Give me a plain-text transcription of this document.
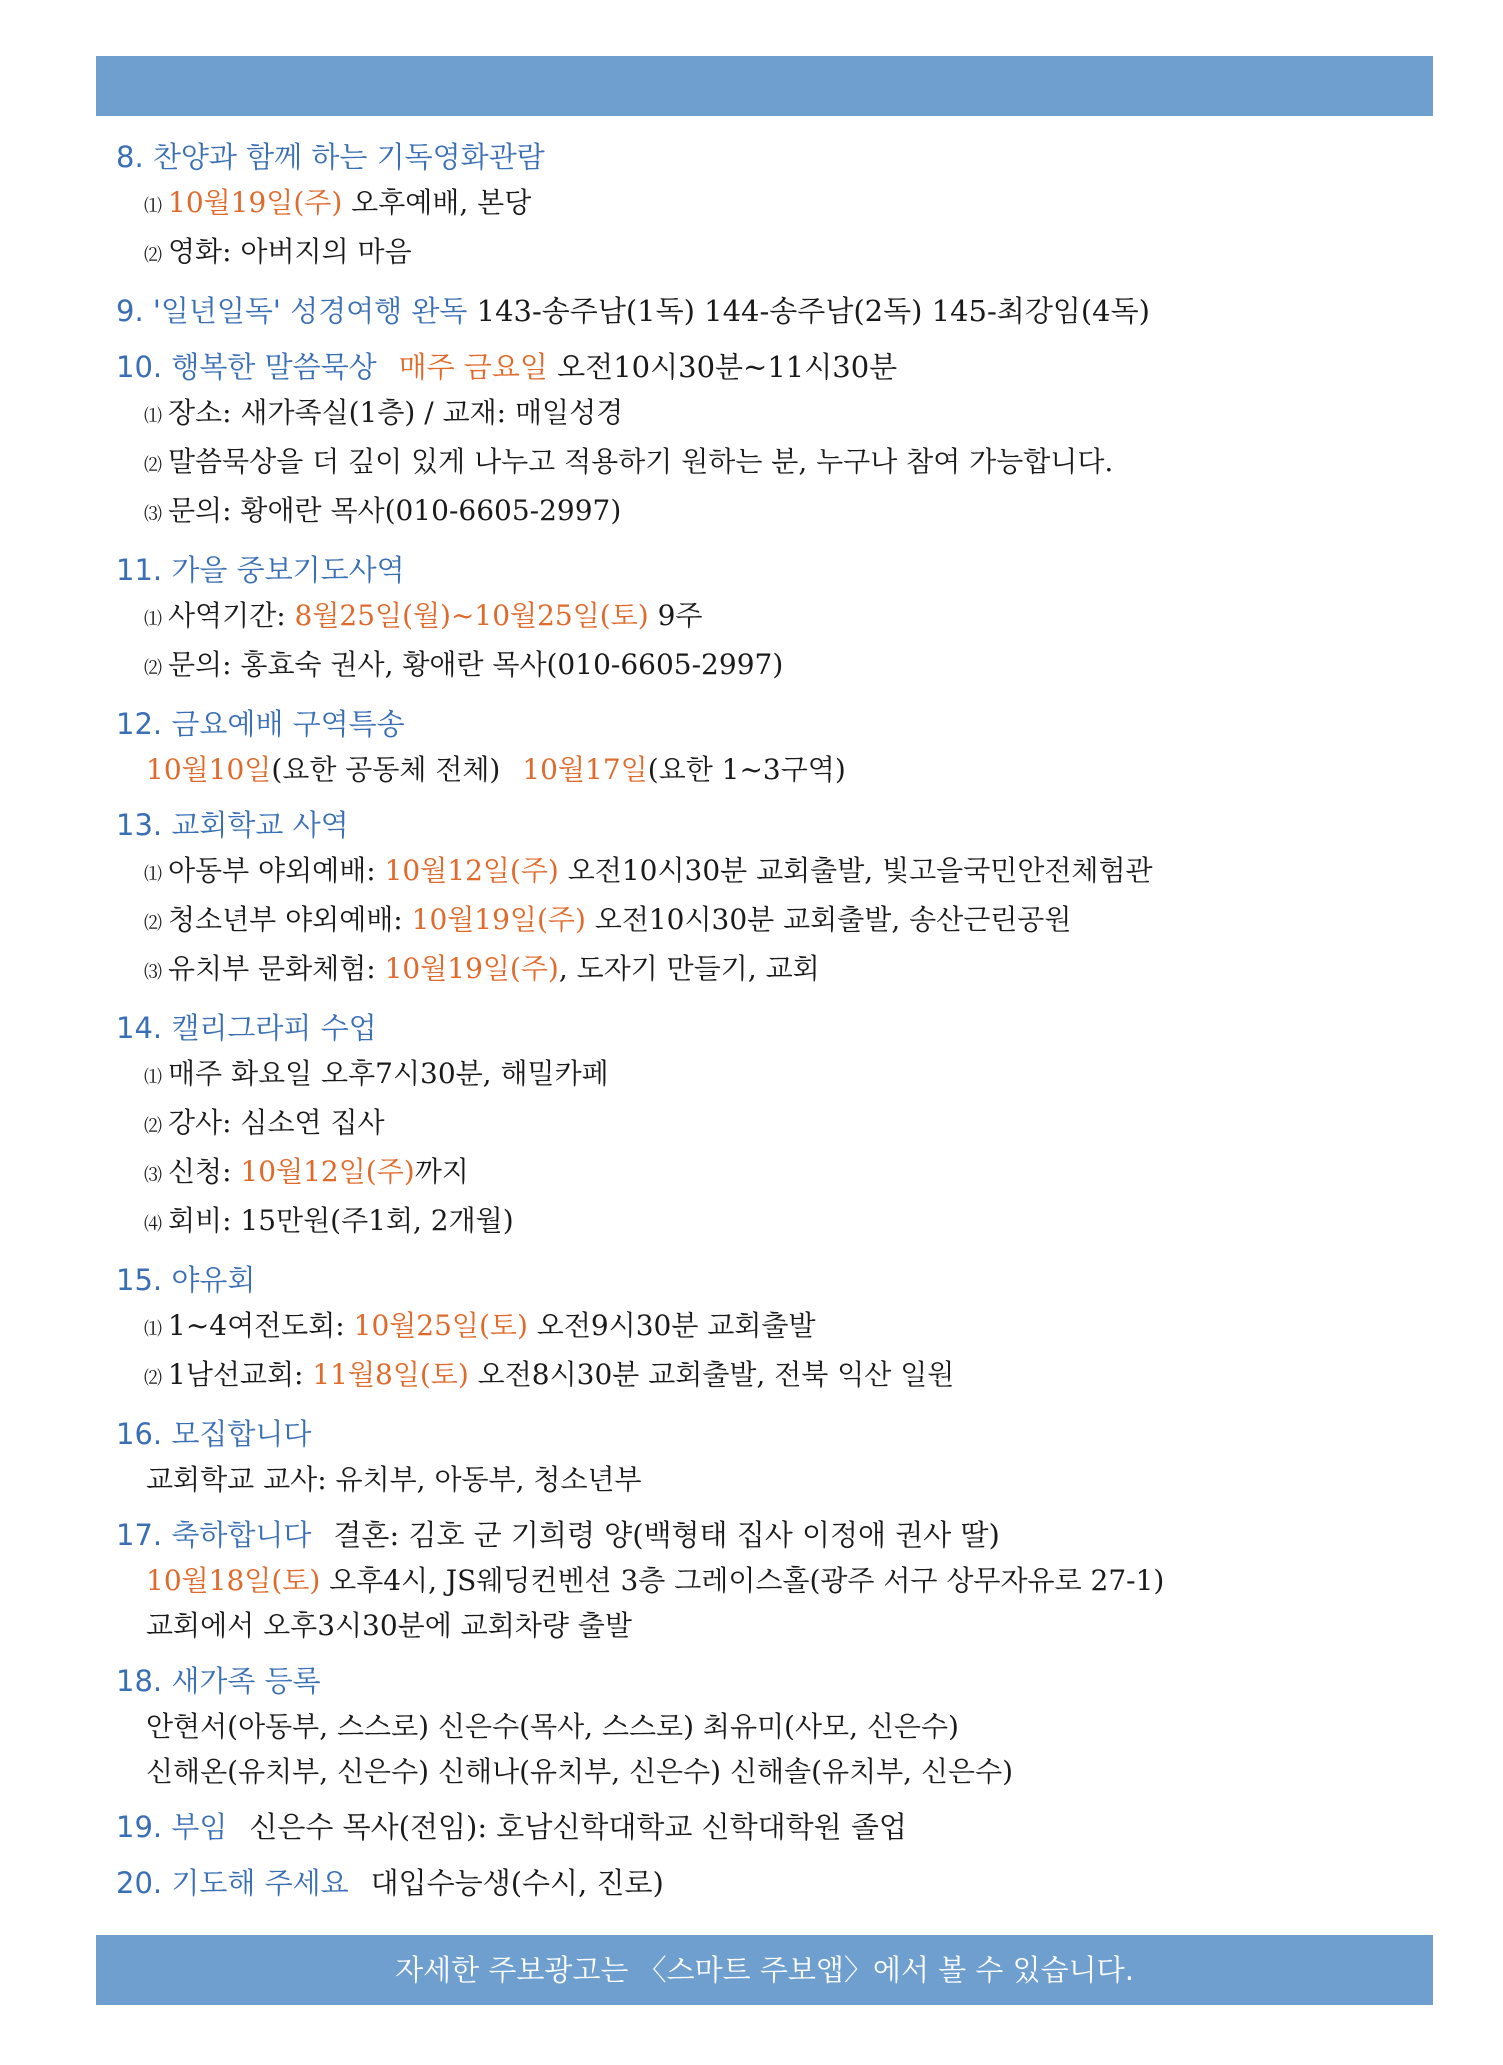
8. 찬양과 함께 하는 기독영화관람
⑴ 10월19일(주) 오후예배, 본당
⑵ 영화: 아버지의 마음
9. '일년일독' 성경여행 완독 143-송주남(1독) 144-송주남(2독) 145-최강임(4독)
10. 행복한 말씀묵상 매주 금요일 오전10시30분~11시30분
⑴ 장소: 새가족실(1층) / 교재: 매일성경
⑵ 말씀묵상을 더 깊이 있게 나누고 적용하기 원하는 분, 누구나 참여 가능합니다.
⑶ 문의: 황애란 목사(010-6605-2997)
11. 가을 중보기도사역
⑴ 사역기간: 8월25일(월)~10월25일(토) 9주
⑵ 문의: 홍효숙 권사, 황애란 목사(010-6605-2997)
12. 금요예배 구역특송
10월10일(요한 공동체 전체) 10월17일(요한 1~3구역)
13. 교회학교 사역
⑴ 아동부 야외예배: 10월12일(주) 오전10시30분 교회출발, 빛고을국민안전체험관
⑵ 청소년부 야외예배: 10월19일(주) 오전10시30분 교회출발, 송산근린공원
⑶ 유치부 문화체험: 10월19일(주), 도자기 만들기, 교회
14. 캘리그라피 수업
⑴ 매주 화요일 오후7시30분, 해밀카페
⑵ 강사: 심소연 집사
⑶ 신청: 10월12일(주)까지
⑷ 회비: 15만원(주1회, 2개월)
15. 야유회
⑴ 1~4여전도회: 10월25일(토) 오전9시30분 교회출발
⑵ 1남선교회: 11월8일(토) 오전8시30분 교회출발, 전북 익산 일원
16. 모집합니다
교회학교 교사: 유치부, 아동부, 청소년부
17. 축하합니다 결혼: 김호 군 기희령 양(백형태 집사 이정애 권사 딸)
10월18일(토) 오후4시, JS웨딩컨벤션 3층 그레이스홀(광주 서구 상무자유로 27-1)
교회에서 오후3시30분에 교회차량 출발
18. 새가족 등록
안현서(아동부, 스스로) 신은수(목사, 스스로) 최유미(사모, 신은수)
신해온(유치부, 신은수) 신해나(유치부, 신은수) 신해솔(유치부, 신은수)
19. 부임 신은수 목사(전임): 호남신학대학교 신학대학원 졸업
20. 기도해 주세요 대입수능생(수시, 진로)
자세한 주보광고는 〈스마트 주보앱〉에서 볼 수 있습니다.
